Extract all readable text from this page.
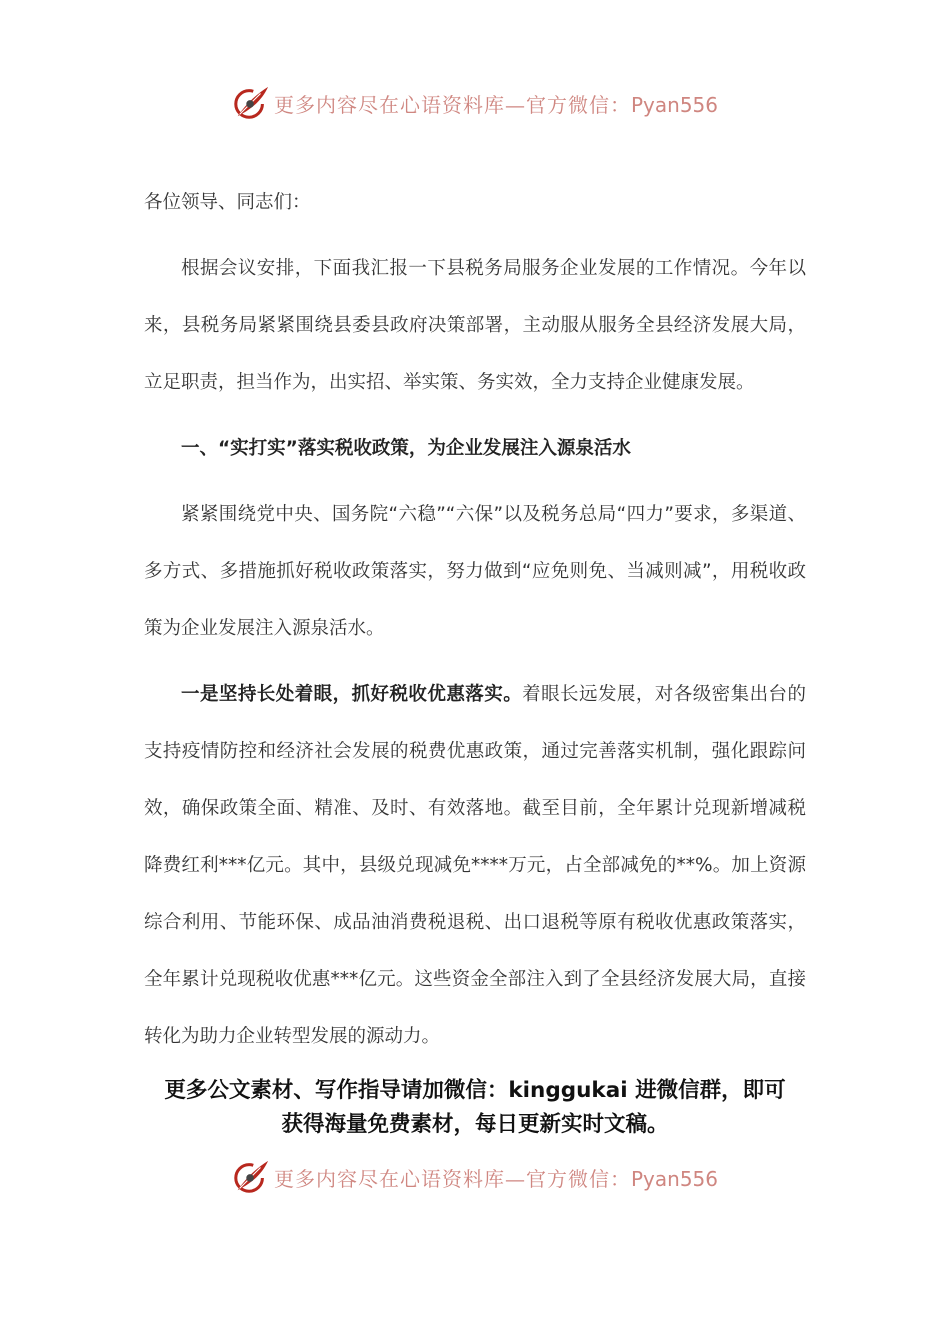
更多内容尽在心语资料库—官方微信：Pyan556

各位领导、同志们：

根据会议安排，下面我汇报一下县税务局服务企业发展的工作情况。今年以来，县税务局紧紧围绕县委县政府决策部署，主动服从服务全县经济发展大局，立足职责，担当作为，出实招、举实策、务实效，全力支持企业健康发展。

一、“实打实”落实税收政策，为企业发展注入源泉活水

紧紧围绕党中央、国务院“六稳”“六保”以及税务总局“四力”要求，多渠道、多方式、多措施抓好税收政策落实，努力做到“应免则免、当减则减”，用税收政策为企业发展注入源泉活水。

一是坚持长处着眼，抓好税收优惠落实。着眼长远发展，对各级密集出台的支持疫情防控和经济社会发展的税费优惠政策，通过完善落实机制，强化跟踪问效，确保政策全面、精准、及时、有效落地。截至目前，全年累计兑现新增减税降费红利***亿元。其中，县级兑现减免****万元，占全部减免的**%。加上资源综合利用、节能环保、成品油消费税退税、出口退税等原有税收优惠政策落实，全年累计兑现税收优惠***亿元。这些资金全部注入到了全县经济发展大局，直接转化为助力企业转型发展的源动力。

更多公文素材、写作指导请加微信：kinggukai 进微信群，即可
获得海量免费素材，每日更新实时文稿。
更多内容尽在心语资料库—官方微信：Pyan556
